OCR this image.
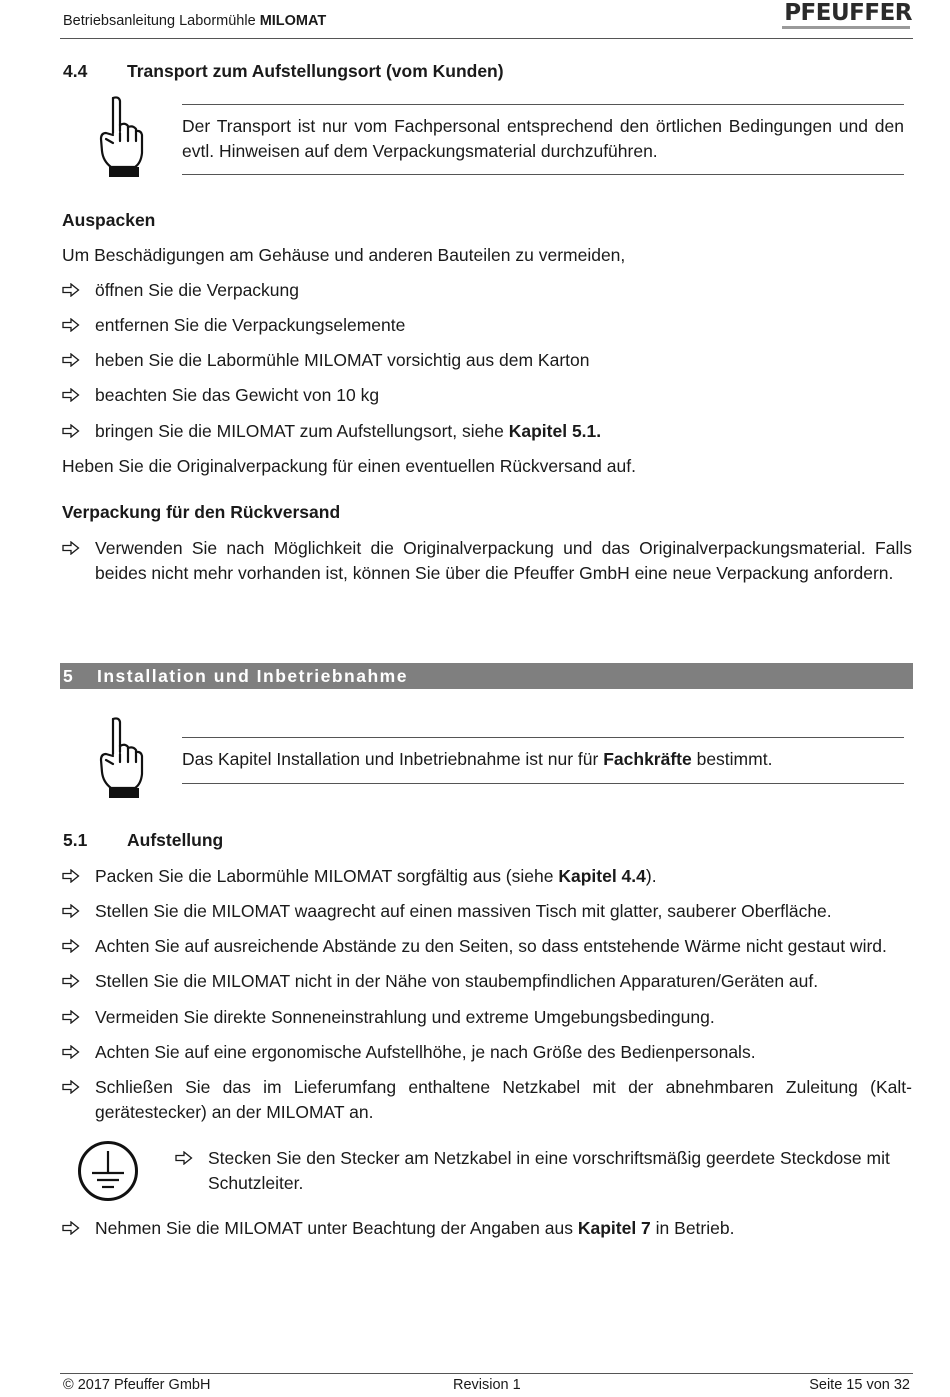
Betriebsanleitung Labormühle MILOMAT	PFEUFFER
4.4 Transport zum Aufstellungsort (vom Kunden)
Der Transport ist nur vom Fachpersonal entsprechend den örtlichen Bedingungen und den evtl. Hinweisen auf dem Verpackungsmaterial durchzuführen.
Auspacken
Um Beschädigungen am Gehäuse und anderen Bauteilen zu vermeiden,
öffnen Sie die Verpackung
entfernen Sie die Verpackungselemente
heben Sie die Labormühle MILOMAT vorsichtig aus dem Karton
beachten Sie das Gewicht von 10 kg
bringen Sie die MILOMAT zum Aufstellungsort, siehe Kapitel 5.1.
Heben Sie die Originalverpackung für einen eventuellen Rückversand auf.
Verpackung für den Rückversand
Verwenden Sie nach Möglichkeit die Originalverpackung und das Originalverpackungsmaterial. Falls beides nicht mehr vorhanden ist, können Sie über die Pfeuffer GmbH eine neue Verpackung anfordern.
5 Installation und Inbetriebnahme
Das Kapitel Installation und Inbetriebnahme ist nur für Fachkräfte bestimmt.
5.1 Aufstellung
Packen Sie die Labormühle MILOMAT sorgfältig aus (siehe Kapitel 4.4).
Stellen Sie die MILOMAT waagrecht auf einen massiven Tisch mit glatter, sauberer Oberfläche.
Achten Sie auf ausreichende Abstände zu den Seiten, so dass entstehende Wärme nicht gestaut wird.
Stellen Sie die MILOMAT nicht in der Nähe von staubempfindlichen Apparaturen/Geräten auf.
Vermeiden Sie direkte Sonneneinstrahlung und extreme Umgebungsbedingung.
Achten Sie auf eine ergonomische Aufstellhöhe, je nach Größe des Bedienpersonals.
Schließen Sie das im Lieferumfang enthaltene Netzkabel mit der abnehmbaren Zuleitung (Kalt-gerätestecker) an der MILOMAT an.
Stecken Sie den Stecker am Netzkabel in eine vorschriftsmäßig geerdete Steckdose mit Schutzleiter.
Nehmen Sie die MILOMAT unter Beachtung der Angaben aus Kapitel 7 in Betrieb.
© 2017 Pfeuffer GmbH	Revision 1	Seite 15 von 32
